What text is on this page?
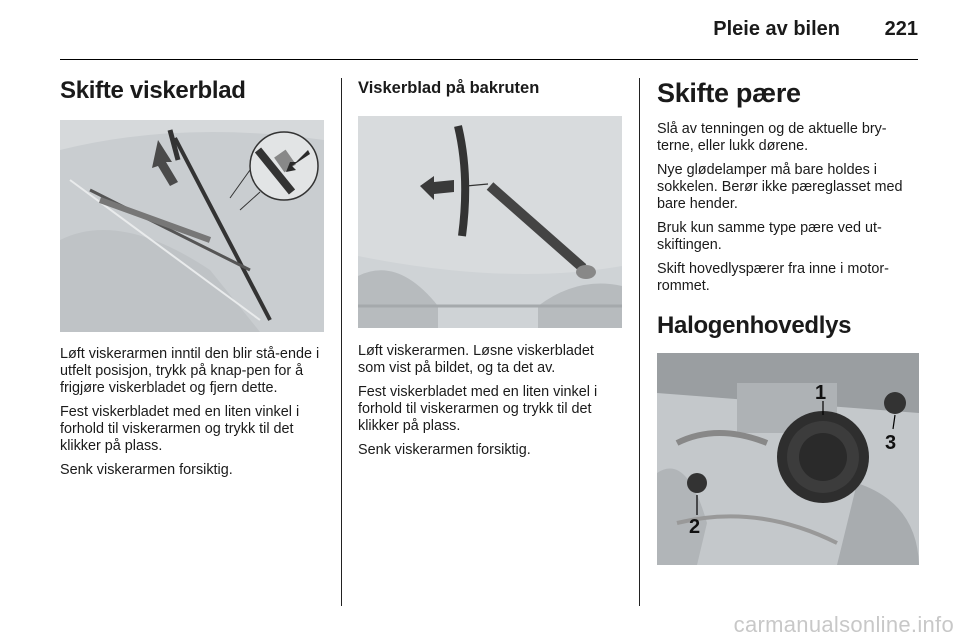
Pleie av bilen 221
Skifte viskerblad

Løft viskerarmen inntil den blir stå-ende i utfelt posisjon, trykk på knap-pen for å frigjøre viskerbladet og fjern dette.

Fest viskerbladet med en liten vinkel i forhold til viskerarmen og trykk til det klikker på plass.

Senk viskerarmen forsiktig.

Viskerblad på bakruten

Løft viskerarmen. Løsne viskerbladet som vist på bildet, og ta det av.

Fest viskerbladet med en liten vinkel i forhold til viskerarmen og trykk til det klikker på plass.

Senk viskerarmen forsiktig.

Skifte pære

Slå av tenningen og de aktuelle bry-terne, eller lukk dørene.

Nye glødelamper må bare holdes i sokkelen. Berør ikke pæreglasset med bare hender.

Bruk kun samme type pære ved ut-skiftingen.

Skift hovedlyspærer fra inne i motor-rommet.

Halogenhovedlys
1
2
3
carmanualsonline.info
